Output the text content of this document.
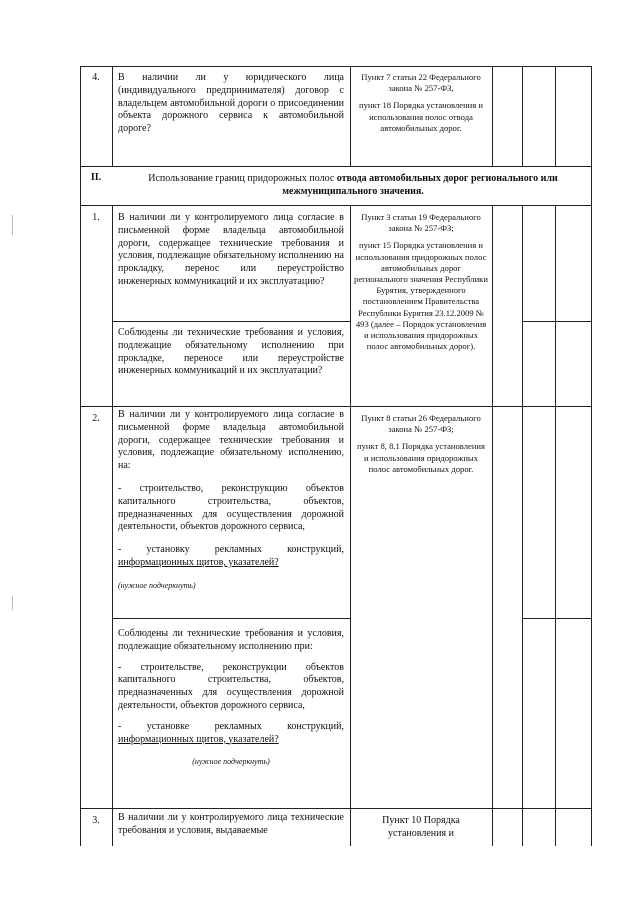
4.	В наличии ли у юридического лица (индивидуального предпринимателя) договор с владельцем автомобильной дороги о присоединении объекта дорожного сервиса к автомобильной дороге?

Пункт 7 статьи 22 Федерального закона № 257-ФЗ,

пункт 18 Порядка установления и использования полос отвода автомобильных дорог.

II.	Использование границ придорожных полос отвода автомобильных дорог регионального или межмуниципального значения.
1.	В наличии ли у контролируемого лица согласие в письменной форме владельца автомобильной дороги, содержащее технические требования и условия, подлежащие обязательному исполнению на прокладку, перенос или переустройство инженерных коммуникаций и их эксплуатацию?

Соблюдены ли технические требования и условия, подлежащие обязательному исполнению при прокладке, переносе или переустройстве инженерных коммуникаций и их эксплуатации?

Пункт 3 статьи 19 Федерального закона № 257-ФЗ;

пункт 15 Порядка установления и использования придорожных полос автомобильных дорог регионального значения Республики Бурятия, утвержденного постановлением Правительства Республики Бурятия 23.12.2009 № 493 (далее – Порядок установления и использования придорожных полос автомобильных дорог).

2.	В наличии ли у контролируемого лица согласие в письменной форме владельца автомобильной дороги, содержащее технические требования и условия, подлежащие обязательному исполнению, на:

- строительство, реконструкцию объектов капитального строительства, объектов, предназначенных для осуществления дорожной деятельности, объектов дорожного сервиса,

- установку рекламных конструкций, информационных щитов, указателей?

(нужное подчеркнуть)

Соблюдены ли технические требования и условия, подлежащие обязательному исполнению при:

- строительстве, реконструкции объектов капитального строительства, объектов, предназначенных для осуществления дорожной деятельности, объектов дорожного сервиса,

- установке рекламных конструкций, информационных щитов, указателей?

(нужное подчеркнуть)

Пункт 8 статьи 26 Федерального закона № 257-ФЗ;

пункт 8, 8.1 Порядка установления и использования придорожных полос автомобильных дорог.

3.	В наличии ли у контролируемого лица технические требования и условия, выдаваемые

Пункт 10 Порядка установления и
